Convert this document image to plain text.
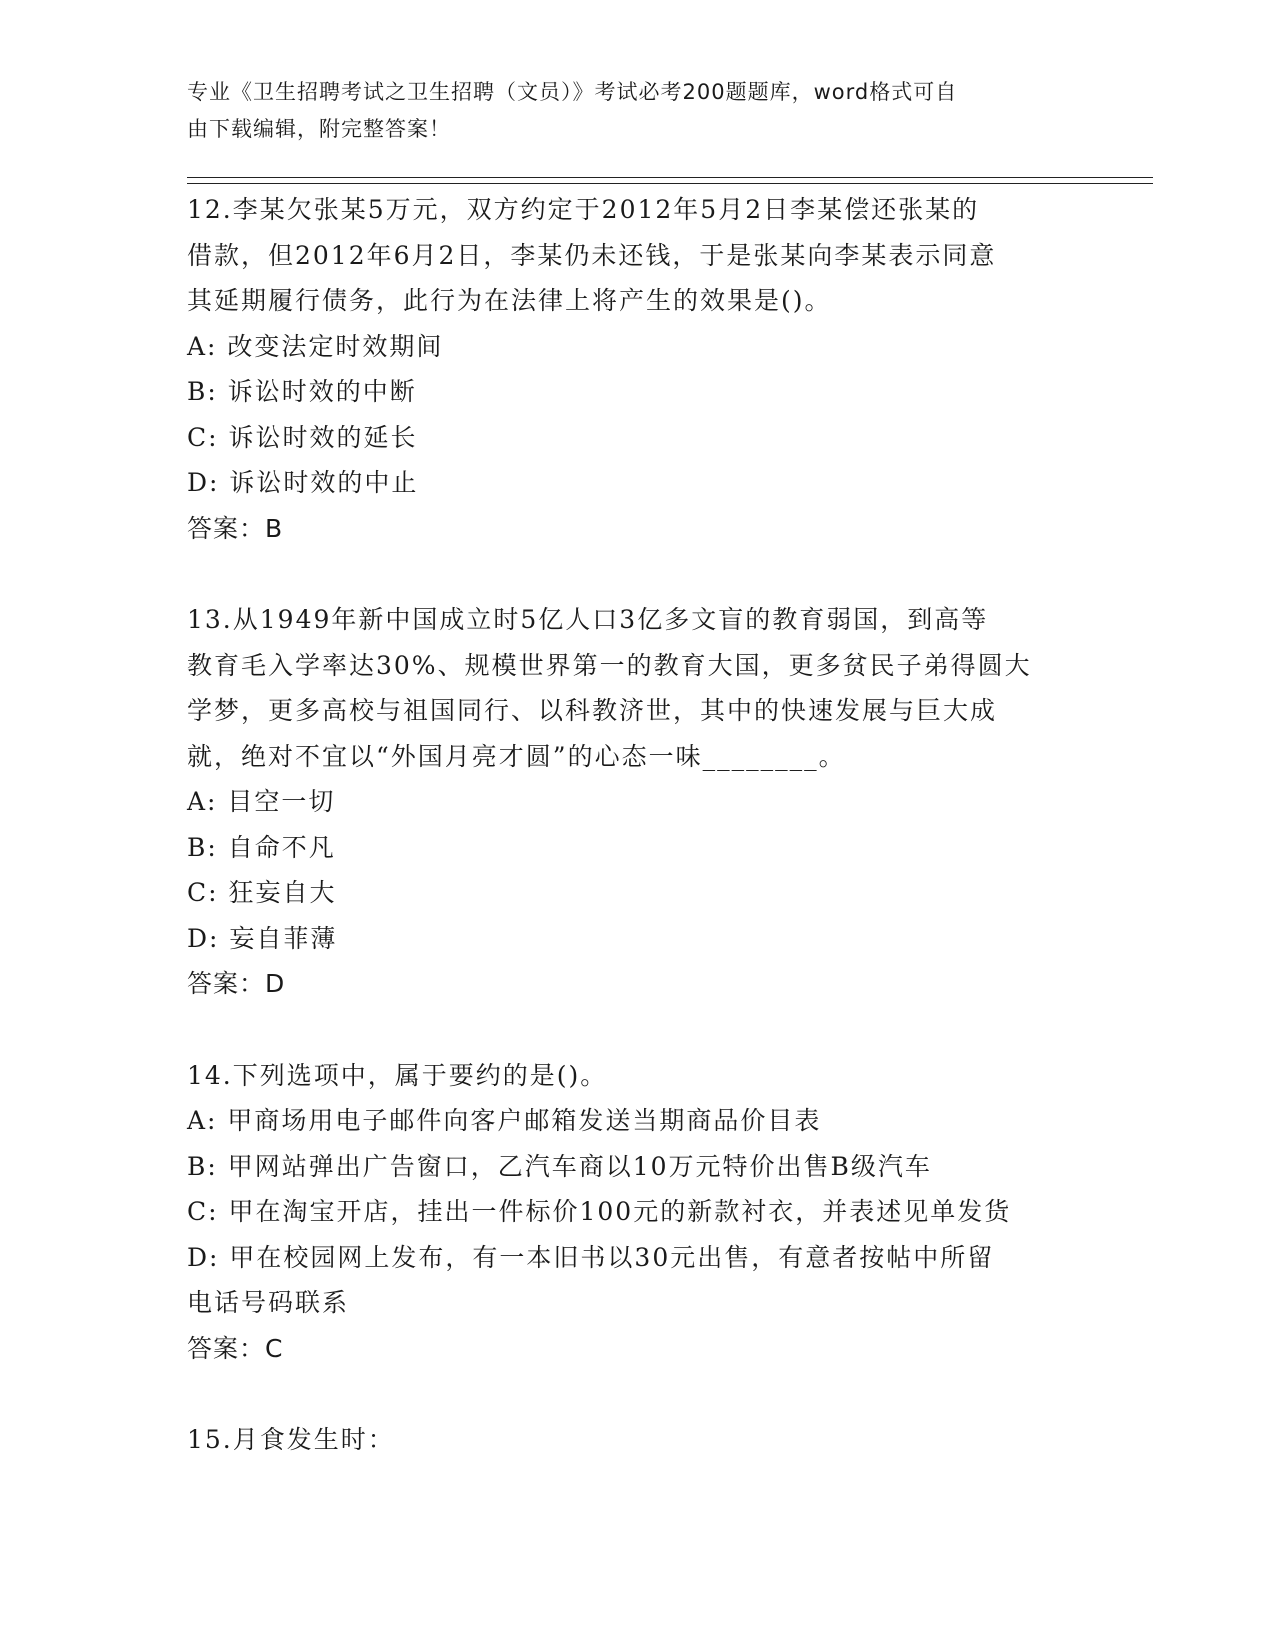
专业《卫生招聘考试之卫生招聘（文员）》考试必考200题题库，word格式可自
由下载编辑，附完整答案！
12.李某欠张某5万元，双方约定于2012年5月2日李某偿还张某的
借款，但2012年6月2日，李某仍未还钱，于是张某向李某表示同意
其延期履行债务，此行为在法律上将产生的效果是()。
A: 改变法定时效期间
B: 诉讼时效的中断
C: 诉讼时效的延长
D: 诉讼时效的中止
答案：B
13.从1949年新中国成立时5亿人口3亿多文盲的教育弱国，到高等
教育毛入学率达30%、规模世界第一的教育大国，更多贫民子弟得圆大
学梦，更多高校与祖国同行、以科教济世，其中的快速发展与巨大成
就，绝对不宜以“外国月亮才圆”的心态一味________。
A: 目空一切
B: 自命不凡
C: 狂妄自大
D: 妄自菲薄
答案：D
14.下列选项中，属于要约的是()。
A: 甲商场用电子邮件向客户邮箱发送当期商品价目表
B: 甲网站弹出广告窗口，乙汽车商以10万元特价出售B级汽车
C: 甲在淘宝开店，挂出一件标价100元的新款衬衣，并表述见单发货
D: 甲在校园网上发布，有一本旧书以30元出售，有意者按帖中所留
电话号码联系
答案：C
15.月食发生时：
